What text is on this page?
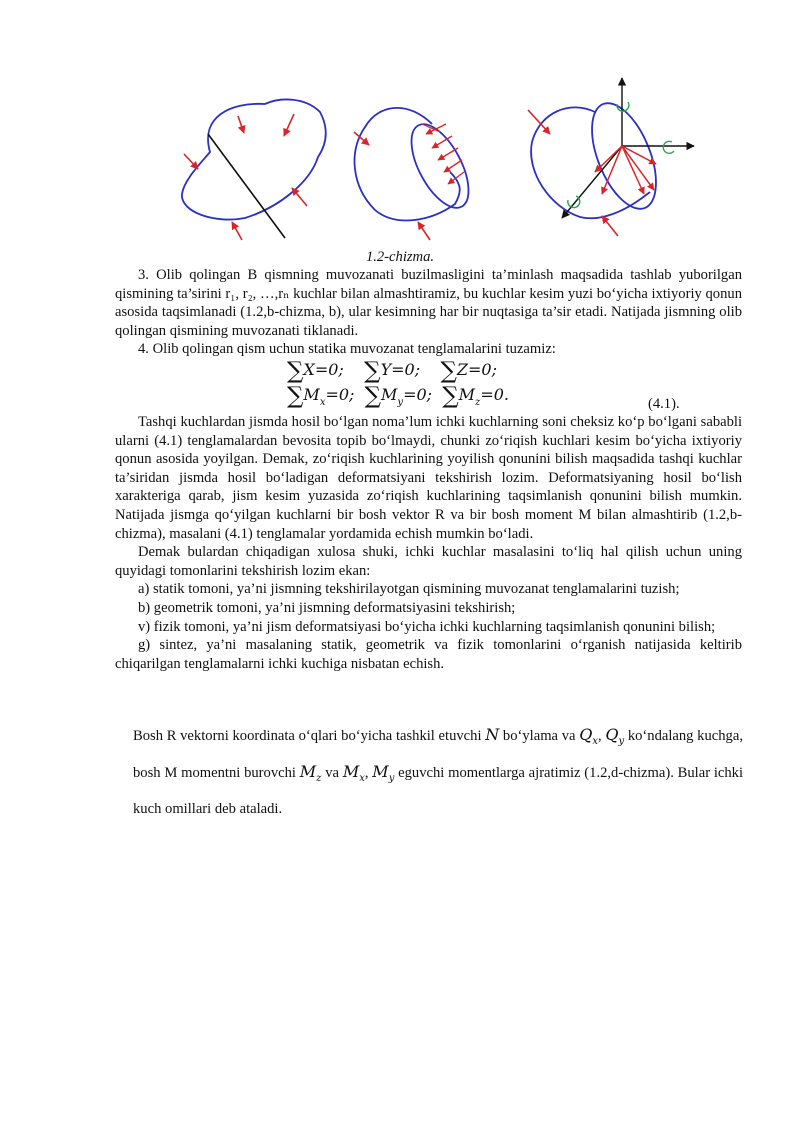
1.2-chizma.

3. Olib qolingan B qismning muvozanati buzilmasligini ta’minlash maqsadida tashlab yuborilgan qismining ta’sirini r₁, r₂, …,rₙ kuchlar bilan almashtiramiz, bu kuchlar kesim yuzi bo‘yicha ixtiyoriy qonun asosida taqsimlanadi (1.2,b-chizma, b), ular kesimning har bir nuqtasiga ta’sir etadi. Natijada jismning olib qolingan qismining muvozanati tiklanadi.

4. Olib qolingan qism uchun statika muvozanat tenglamalarini tuzamiz:

∑X=0; ∑Y=0; ∑Z=0;
$\sum M_x=0$; $\sum M_y=0$; $\sum M_z=0$.	(4.1).

Tashqi kuchlardan jismda hosil bo‘lgan noma’lum ichki kuchlarning soni cheksiz ko‘p bo‘lgani sababli ularni (4.1) tenglamalardan bevosita topib bo‘lmaydi, chunki zo‘riqish kuchlari kesim bo‘yicha ixtiyoriy qonun asosida yoyilgan. Demak, zo‘riqish kuchlarining yoyilish qonunini bilish maqsadida tashqi kuchlar ta’siridan jismda hosil bo‘ladigan deformatsiyani tekshirish lozim. Deformatsiyaning hosil bo‘lish xarakteriga qarab, jism kesim yuzasida zo‘riqish kuchlarining taqsimlanish qonunini bilish mumkin. Natijada jismga qo‘yilgan kuchlarni bir bosh vektor R va bir bosh moment M bilan almashtirib (1.2,b-chizma), masalani (4.1) tenglamalar yordamida echish mumkin bo‘ladi.

Demak bulardan chiqadigan xulosa shuki, ichki kuchlar masalasini to‘liq hal qilish uchun uning quyidagi tomonlarini tekshirish lozim ekan:

a) statik tomoni, ya’ni jismning tekshirilayotgan qismining muvozanat tenglamalarini tuzish;

b) geometrik tomoni, ya’ni jismning deformatsiyasini tekshirish;

v) fizik tomoni, ya’ni jism deformatsiyasi bo‘yicha ichki kuchlarning taqsimlanish qonunini bilish;

g) sintez, ya’ni masalaning statik, geometrik va fizik tomonlarini o‘rganish natijasida keltirib chiqarilgan tenglamalarni ichki kuchiga nisbatan echish.

Bosh R vektorni koordinata o‘qlari bo‘yicha tashkil etuvchi N bo‘ylama va $Q_x$, $Q_y$ ko‘ndalang kuchga, bosh M momentni burovchi $M_z$ va $M_x$, $M_y$ eguvchi momentlarga ajratimiz (1.2,d-chizma). Bular ichki kuch omillari deb ataladi.
